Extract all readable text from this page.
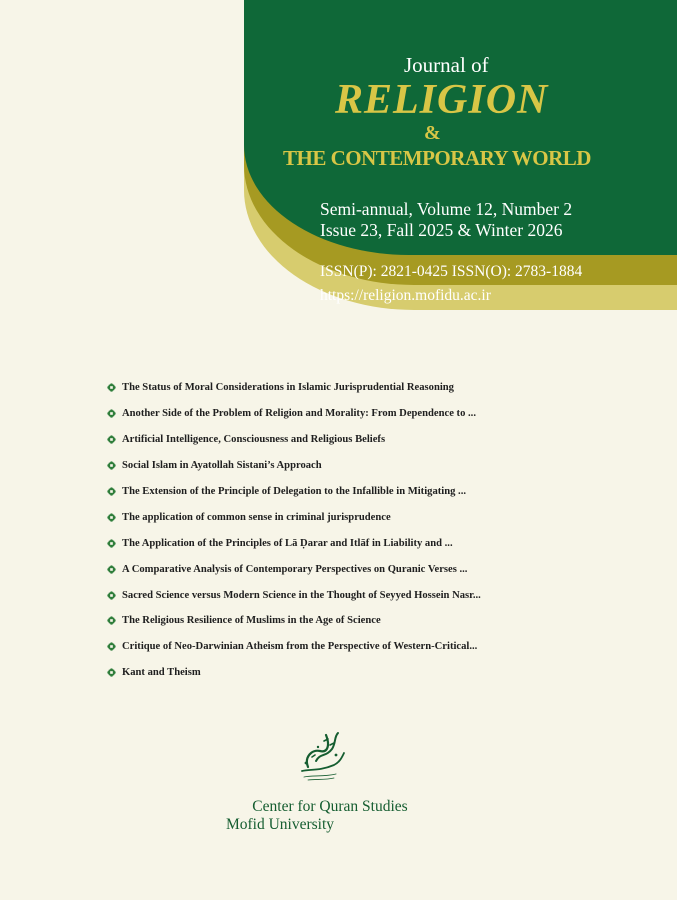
Journal of
RELIGION
&
THE CONTEMPORARY WORLD
Semi-annual, Volume 12, Number 2
Issue 23, Fall 2025 & Winter 2026
ISSN(P): 2821-0425 ISSN(O): 2783-1884
https://religion.mofidu.ac.ir
The Status of Moral Considerations in Islamic Jurisprudential Reasoning
Another Side of the Problem of Religion and Morality: From Dependence to ...
Artificial Intelligence, Consciousness and Religious Beliefs
Social Islam in Ayatollah Sistani’s Approach
The Extension of the Principle of Delegation to the Infallible in Mitigating ...
The application of common sense in criminal jurisprudence
The Application of the Principles of Lā Ḍarar and Itlāf in Liability and ...
A Comparative Analysis of Contemporary Perspectives on Quranic Verses ...
Sacred Science versus Modern Science in the Thought of Seyyed Hossein Nasr...
The Religious Resilience of Muslims in the Age of Science
Critique of Neo-Darwinian Atheism from the Perspective of Western-Critical...
Kant and Theism
Center for Quran Studies
Mofid University
